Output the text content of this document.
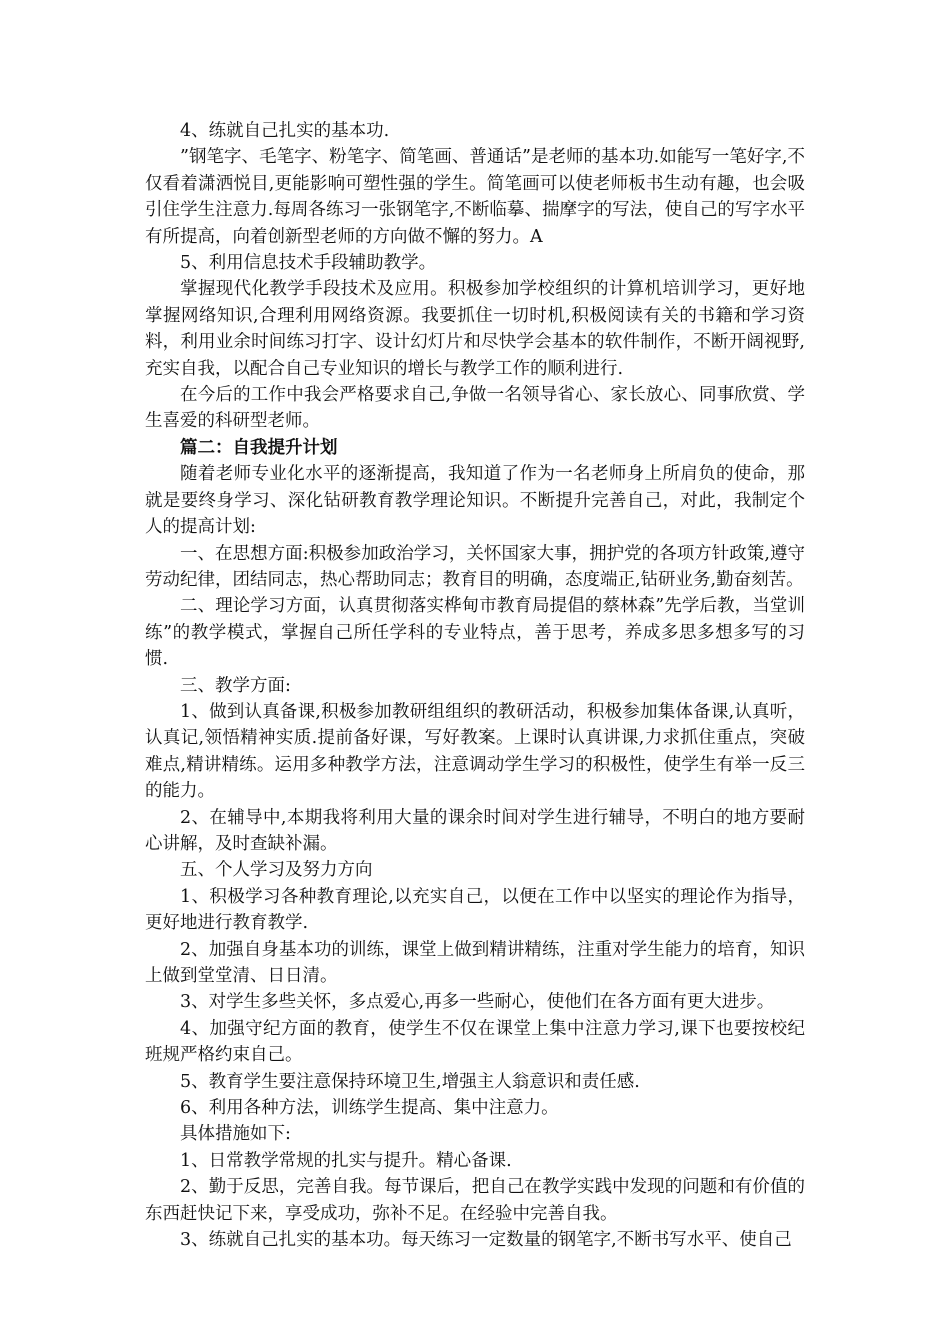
4、练就自己扎实的基本功.

”钢笔字、毛笔字、粉笔字、简笔画、普通话”是老师的基本功.如能写一笔好字,不仅看着潇洒悦目,更能影响可塑性强的学生。简笔画可以使老师板书生动有趣，也会吸引住学生注意力.每周各练习一张钢笔字,不断临摹、揣摩字的写法，使自己的写字水平有所提高，向着创新型老师的方向做不懈的努力。A

5、利用信息技术手段辅助教学。

掌握现代化教学手段技术及应用。积极参加学校组织的计算机培训学习，更好地掌握网络知识,合理利用网络资源。我要抓住一切时机,积极阅读有关的书籍和学习资料，利用业余时间练习打字、设计幻灯片和尽快学会基本的软件制作，不断开阔视野,充实自我，以配合自己专业知识的增长与教学工作的顺利进行.

在今后的工作中我会严格要求自己,争做一名领导省心、家长放心、同事欣赏、学生喜爱的科研型老师。

篇二：自我提升计划

随着老师专业化水平的逐渐提高，我知道了作为一名老师身上所肩负的使命，那就是要终身学习、深化钻研教育教学理论知识。不断提升完善自己，对此，我制定个人的提高计划:

一、在思想方面:积极参加政治学习，关怀国家大事，拥护党的各项方针政策,遵守劳动纪律，团结同志，热心帮助同志；教育目的明确，态度端正,钻研业务,勤奋刻苦。

二、理论学习方面，认真贯彻落实桦甸市教育局提倡的蔡林森”先学后教，当堂训练”的教学模式，掌握自己所任学科的专业特点，善于思考，养成多思多想多写的习惯.

三、教学方面:

1、做到认真备课,积极参加教研组组织的教研活动，积极参加集体备课,认真听，认真记,领悟精神实质.提前备好课，写好教案。上课时认真讲课,力求抓住重点，突破难点,精讲精练。运用多种教学方法，注意调动学生学习的积极性，使学生有举一反三的能力。

2、在辅导中,本期我将利用大量的课余时间对学生进行辅导，不明白的地方要耐心讲解，及时查缺补漏。

五、个人学习及努力方向

1、积极学习各种教育理论,以充实自己，以便在工作中以坚实的理论作为指导，更好地进行教育教学.

2、加强自身基本功的训练，课堂上做到精讲精练，注重对学生能力的培育，知识上做到堂堂清、日日清。

3、对学生多些关怀，多点爱心,再多一些耐心，使他们在各方面有更大进步。

4、加强守纪方面的教育，使学生不仅在课堂上集中注意力学习,课下也要按校纪班规严格约束自己。

5、教育学生要注意保持环境卫生,增强主人翁意识和责任感.

6、利用各种方法，训练学生提高、集中注意力。

具体措施如下:

1、日常教学常规的扎实与提升。精心备课.

2、勤于反思，完善自我。每节课后，把自己在教学实践中发现的问题和有价值的东西赶快记下来，享受成功，弥补不足。在经验中完善自我。

3、练就自己扎实的基本功。每天练习一定数量的钢笔字,不断书写水平、使自己
